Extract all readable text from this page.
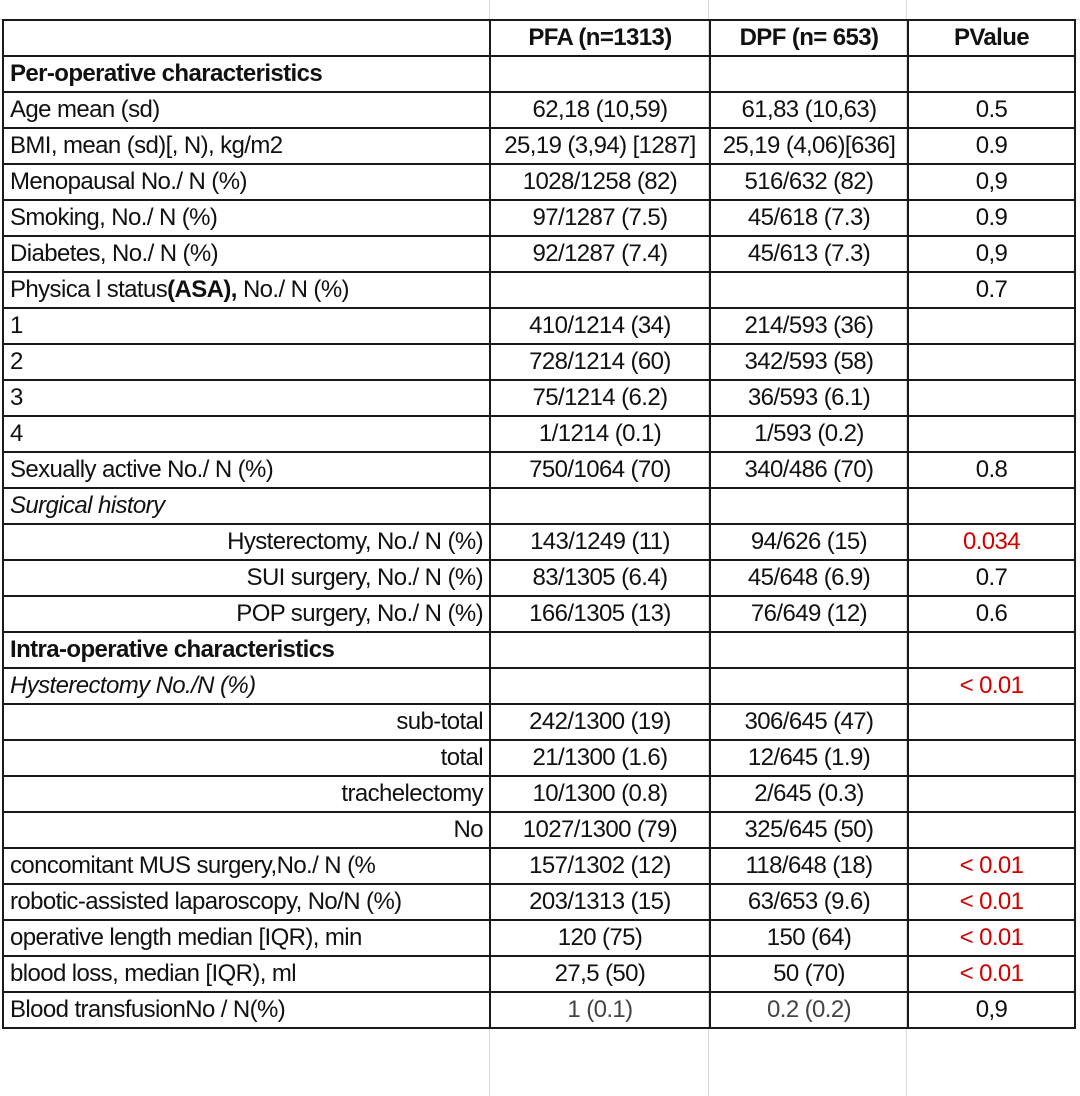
	PFA (n=1313)	DPF (n= 653)	PValue
Per-operative characteristics			
Age mean (sd)	62,18 (10,59)	61,83 (10,63)	0.5
BMI, mean (sd)[, N), kg/m2	25,19 (3,94) [1287]	25,19 (4,06)[636]	0.9
Menopausal No./ N (%)	1028/1258 (82)	516/632 (82)	0,9
Smoking, No./ N (%)	97/1287 (7.5)	45/618 (7.3)	0.9
Diabetes, No./ N (%)	92/1287 (7.4)	45/613 (7.3)	0,9
Physica l status(ASA), No./ N (%)			0.7
1	410/1214 (34)	214/593 (36)	
2	728/1214 (60)	342/593 (58)	
3	75/1214 (6.2)	36/593 (6.1)	
4	1/1214 (0.1)	1/593 (0.2)	
Sexually active No./ N (%)	750/1064 (70)	340/486 (70)	0.8
Surgical history			
Hysterectomy, No./ N (%)	143/1249 (11)	94/626 (15)	0.034
SUI surgery, No./ N (%)	83/1305 (6.4)	45/648 (6.9)	0.7
POP surgery, No./ N (%)	166/1305 (13)	76/649 (12)	0.6
Intra-operative characteristics			
Hysterectomy No./N (%)			< 0.01
sub-total	242/1300 (19)	306/645 (47)	
total	21/1300 (1.6)	12/645 (1.9)	
trachelectomy	10/1300 (0.8)	2/645 (0.3)	
No	1027/1300 (79)	325/645 (50)	
concomitant MUS surgery,No./ N (%	157/1302 (12)	118/648 (18)	< 0.01
robotic-assisted laparoscopy, No/N (%)	203/1313 (15)	63/653 (9.6)	< 0.01
operative length median [IQR), min	120 (75)	150 (64)	< 0.01
blood loss, median [IQR), ml	27,5 (50)	50 (70)	< 0.01
Blood transfusionNo / N(%)	1 (0.1)	0.2 (0.2)	0,9
